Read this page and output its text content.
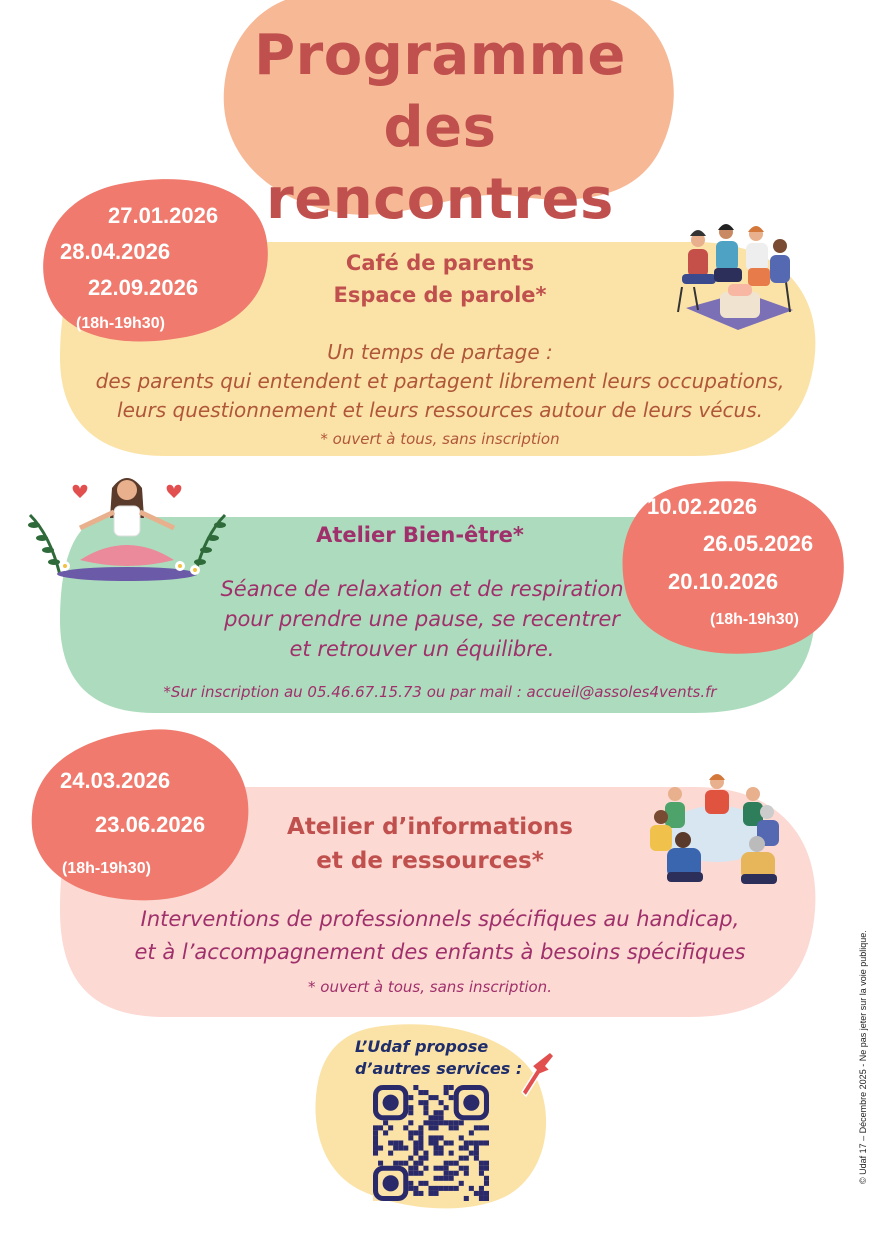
Programme
des rencontres
27.01.2026
28.04.2026
22.09.2026
(18h-19h30)
Café de parents
Espace de parole*
Un temps de partage :
des parents qui entendent et partagent librement leurs occupations,
leurs questionnement et leurs ressources autour de leurs vécus.
* ouvert à tous, sans inscription
10.02.2026
26.05.2026
20.10.2026
(18h-19h30)
Atelier Bien-être*
Séance de relaxation et de respiration
pour prendre une pause, se recentrer
et retrouver un équilibre.
*Sur inscription au 05.46.67.15.73 ou par mail : accueil@assoles4vents.fr
24.03.2026
23.06.2026
(18h-19h30)
Atelier d’informations
et de ressources*
Interventions de professionnels spécifiques au handicap,
et à l’accompagnement des enfants à besoins spécifiques
* ouvert à tous, sans inscription.
L’Udaf propose
d’autres services :	© Udaf 17 – Décembre 2025 - Ne pas jeter sur la voie publique.
